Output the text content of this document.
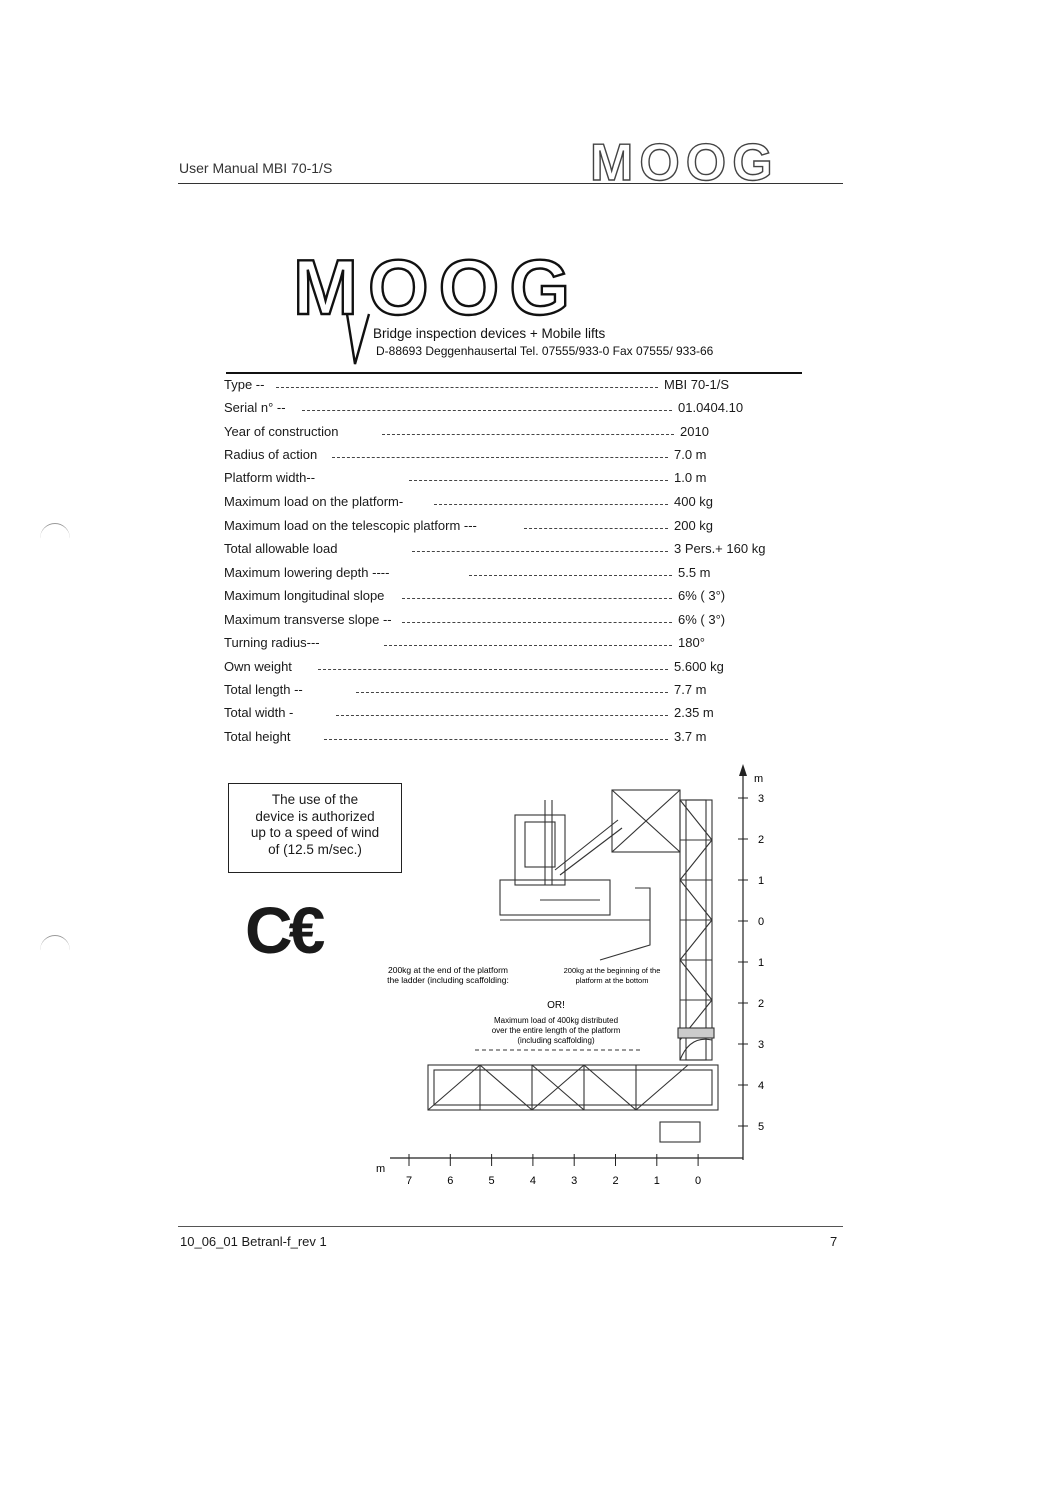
User Manual MBI 70-1/S	MOOG
MOOG
Bridge inspection devices + Mobile lifts
D-88693 Deggenhausertal Tel. 07555/933-0 Fax 07555/ 933-66
Type --	MBI 70-1/S
Serial n° --	01.0404.10
Year of construction	2010
Radius of action	7.0 m
Platform width--	1.0 m
Maximum load on the platform-	400 kg
Maximum load on the telescopic platform ---	200 kg
Total allowable load	3 Pers.+ 160 kg
Maximum lowering depth ----	5.5 m
Maximum longitudinal slope	6% ( 3°)
Maximum transverse slope --	6% ( 3°)
Turning radius---	180°
Own weight	5.600 kg
Total length --	7.7 m
Total width -	2.35 m
Total height	3.7 m
The use of the
device is authorized
up to a speed of wind
of (12.5 m/sec.)
C€
m
3
2
1
0
1
2
3
4
5
m
7	6	5	4	3	2	1	0
200kg at the end of the platform
the ladder (including scaffolding:
200kg at the beginning of the
platform at the bottom
OR!
Maximum load of 400kg distributed
over the entire length of the platform
(including scaffolding)
10_06_01 Betranl-f_rev 1	7
